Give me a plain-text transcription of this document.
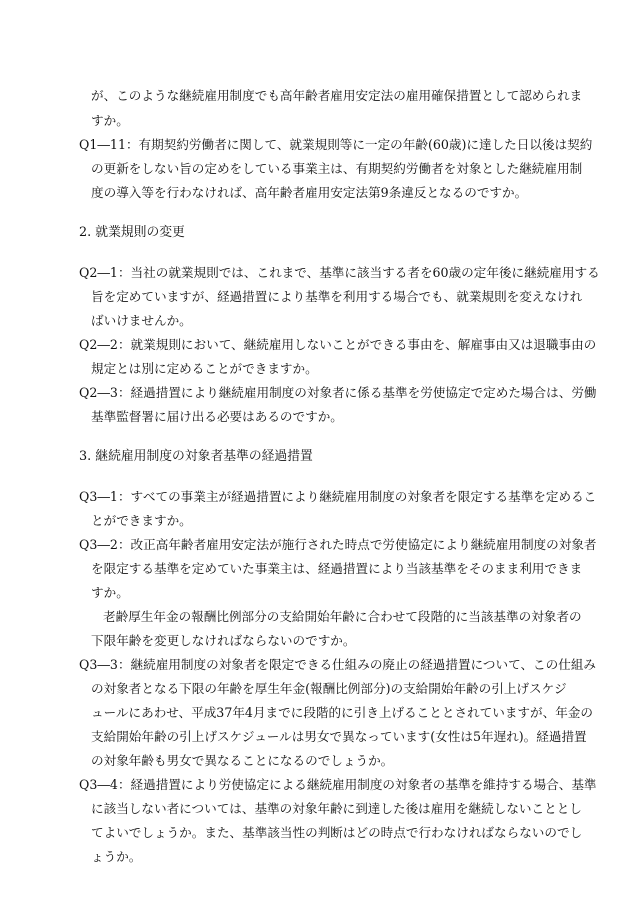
が、このような継続雇用制度でも高年齢者雇用安定法の雇用確保措置として認められま
すか。
Q1―11：有期契約労働者に関して、就業規則等に一定の年齢(60歳)に達した日以後は契約
の更新をしない旨の定めをしている事業主は、有期契約労働者を対象とした継続雇用制
度の導入等を行わなければ、高年齢者雇用安定法第9条違反となるのですか。
2. 就業規則の変更
Q2―1：当社の就業規則では、これまで、基準に該当する者を60歳の定年後に継続雇用する
旨を定めていますが、経過措置により基準を利用する場合でも、就業規則を変えなけれ
ばいけませんか。
Q2―2：就業規則において、継続雇用しないことができる事由を、解雇事由又は退職事由の
規定とは別に定めることができますか。
Q2―3：経過措置により継続雇用制度の対象者に係る基準を労使協定で定めた場合は、労働
基準監督署に届け出る必要はあるのですか。
3. 継続雇用制度の対象者基準の経過措置
Q3―1：すべての事業主が経過措置により継続雇用制度の対象者を限定する基準を定めるこ
とができますか。
Q3―2：改正高年齢者雇用安定法が施行された時点で労使協定により継続雇用制度の対象者
を限定する基準を定めていた事業主は、経過措置により当該基準をそのまま利用できま
すか。
老齢厚生年金の報酬比例部分の支給開始年齢に合わせて段階的に当該基準の対象者の
下限年齢を変更しなければならないのですか。
Q3―3：継続雇用制度の対象者を限定できる仕組みの廃止の経過措置について、この仕組み
の対象者となる下限の年齢を厚生年金(報酬比例部分)の支給開始年齢の引上げスケジ
ュールにあわせ、平成37年4月までに段階的に引き上げることとされていますが、年金の
支給開始年齢の引上げスケジュールは男女で異なっています(女性は5年遅れ)。経過措置
の対象年齢も男女で異なることになるのでしょうか。
Q3―4：経過措置により労使協定による継続雇用制度の対象者の基準を維持する場合、基準
に該当しない者については、基準の対象年齢に到達した後は雇用を継続しないこととし
てよいでしょうか。また、基準該当性の判断はどの時点で行わなければならないのでし
ょうか。
